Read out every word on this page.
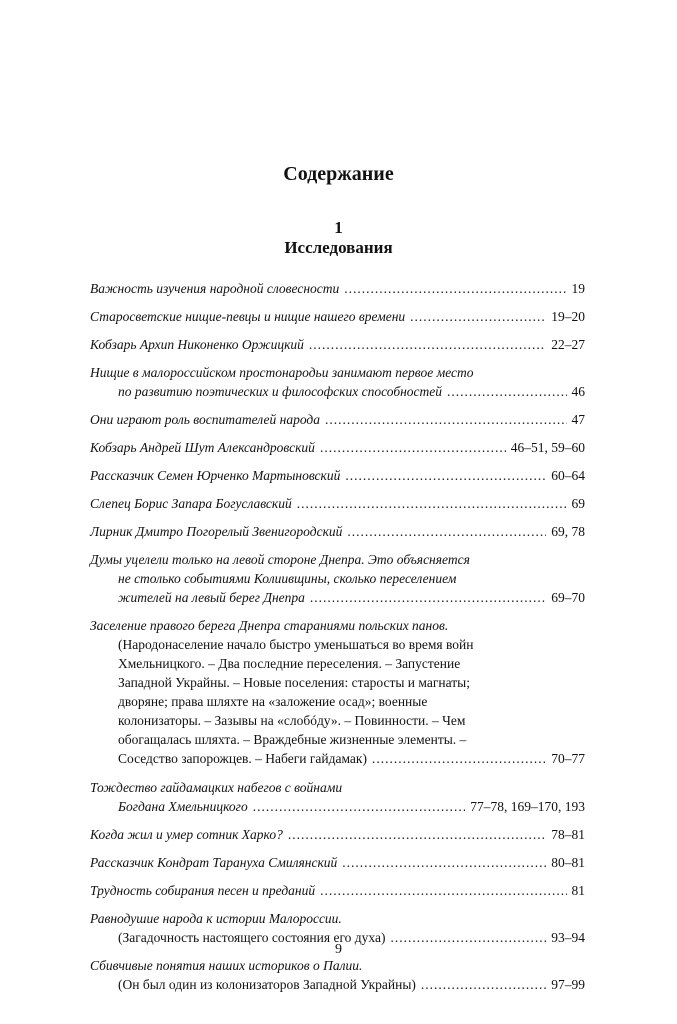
Содержание
1
Исследования
Важность изучения народной словесности .....	19
Старосветские нищие-певцы и нищие нашего времени .....	19–20
Кобзарь Архип Никоненко Оржицкий .....	22–27
Нищие в малороссийском простонародьи занимают первое место
по развитию поэтических и философских способностей .....	46
Они играют роль воспитателей народа .....	47
Кобзарь Андрей Шут Александровский .....	46–51, 59–60
Рассказчик Семен Юрченко Мартыновский .....	60–64
Слепец Борис Запара Богуславский .....	69
Лирник Дмитро Погорелый Звенигородский .....	69, 78
Думы уцелели только на левой стороне Днепра. Это объясняется
не столько событиями Колиивщины, сколько переселением
жителей на левый берег Днепра .....	69–70
Заселение правого берега Днепра стараниями польских панов.
(Народонаселение начало быстро уменьшаться во время войн
Хмельницкого. – Два последние переселения. – Запустение
Западной Украйны. – Новые поселения: старосты и магнаты;
дворяне; права шляхте на «заложение осад»; военные
колонизаторы. – Зазывы на «слобóду». – Повинности. – Чем
обогащалась шляхта. – Враждебные жизненные элементы. –
Соседство запорожцев. – Набеги гайдамак) .....	70–77
Тождество гайдамацких набегов с войнами
Богдана Хмельницкого .....	77–78, 169–170, 193
Когда жил и умер сотник Харко? .....	78–81
Рассказчик Кондрат Тарануха Смилянский .....	80–81
Трудность собирания песен и преданий .....	81
Равнодушие народа к истории Малороссии.
(Загадочность настоящего состояния его духа) .....	93–94
Сбивчивые понятия наших историков о Палии.
(Он был один из колонизаторов Западной Украйны) .....	97–99
9
